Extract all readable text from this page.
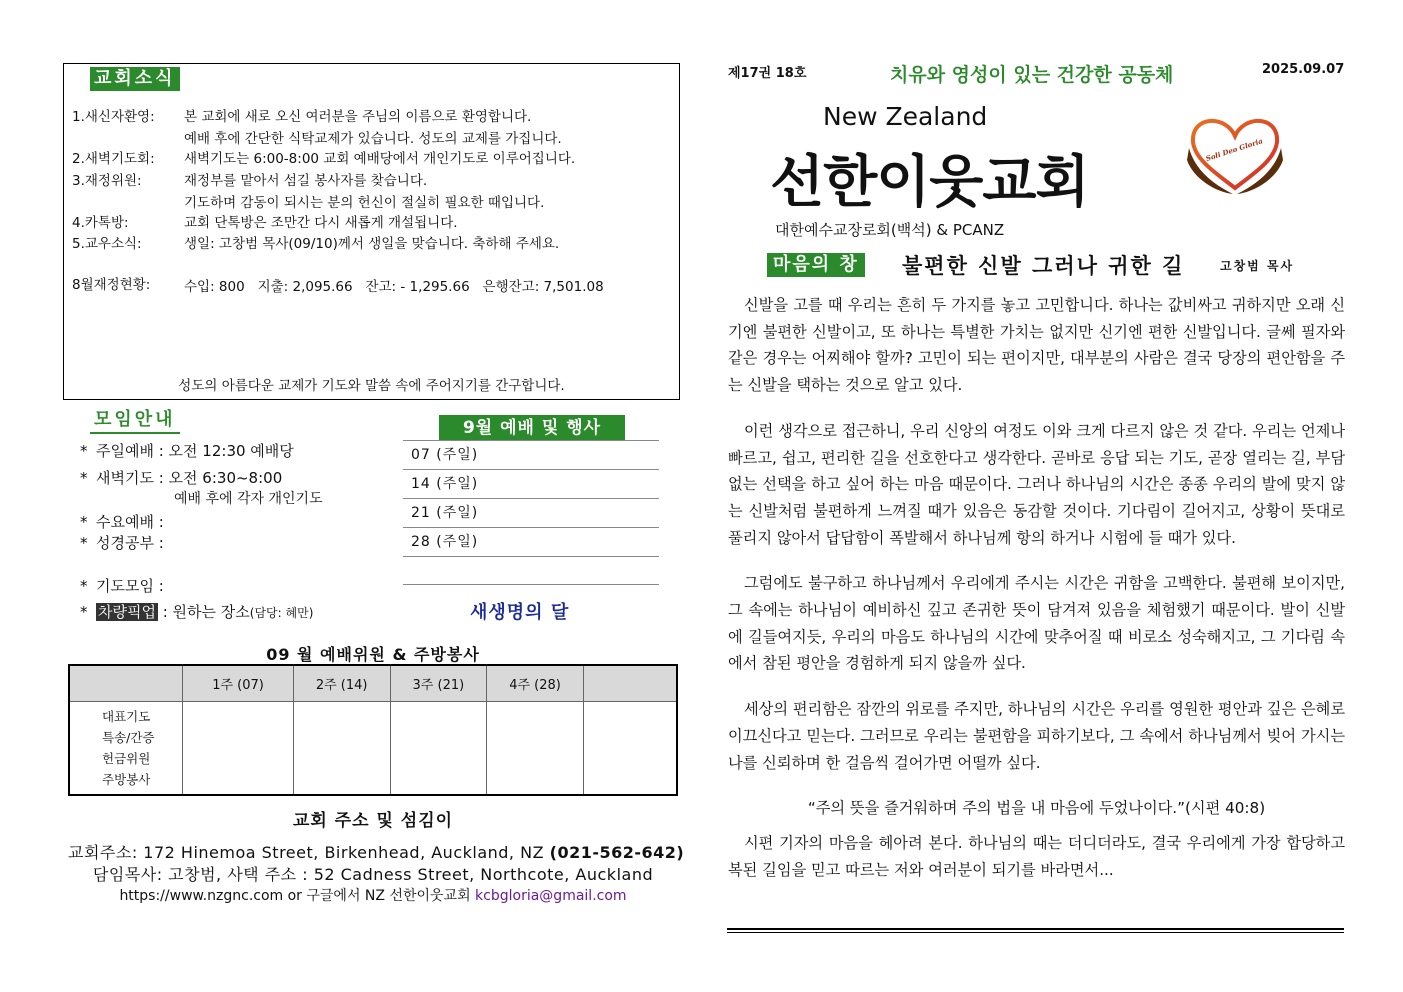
교회소식
1.새신자환영:	본 교회에 새로 오신 여러분을 주님의 이름으로 환영합니다.
예배 후에 간단한 식탁교제가 있습니다. 성도의 교제를 가집니다.
2.새벽기도회:	새벽기도는 6:00-8:00 교회 예배당에서 개인기도로 이루어집니다.
3.재정위원:	재정부를 맡아서 섬길 봉사자를 찾습니다.
기도하며 감동이 되시는 분의 헌신이 절실히 필요한 때입니다.
4.카톡방:	교회 단톡방은 조만간 다시 새롭게 개설됩니다.
5.교우소식:	생일: 고창범 목사(09/10)께서 생일을 맞습니다. 축하해 주세요.
8월재정현황:	수입: 800   지출: 2,095.66   잔고: - 1,295.66   은행잔고: 7,501.08
성도의 아름다운 교제가 기도와 말씀 속에 주어지기를 간구합니다.
모임안내
* 주일예배 : 오전 12:30 예배당
* 새벽기도 : 오전 6:30~8:00
예배 후에 각자 개인기도
* 수요예배 :
* 성경공부 :
* 기도모임 :
* 차량픽업 : 원하는 장소(담당: 혜만)
9월 예배 및 행사
07 (주일)
14 (주일)
21 (주일)
28 (주일)
새생명의 달
09 월 예배위원 & 주방봉사
	1주 (07)	2주 (14)	3주 (21)	4주 (28)	

대표기도
특송/간증
헌금위원
주방봉사					

교회 주소 및 섬김이
교회주소: 172 Hinemoa Street, Birkenhead, Auckland, NZ (021-562-642)
담임목사: 고창범, 사택 주소 : 52 Cadness Street, Northcote, Auckland
https://www.nzgnc.com or 구글에서 NZ 선한이웃교회 kcbgloria@gmail.com
제17권 18호	치유와 영성이 있는 건강한 공동체	2025.09.07
New Zealand
선한이웃교회
대한예수교장로회(백석) & PCANZ
Soli Deo Gloria
마음의 창 불편한 신발 그러나 귀한 길	고창범 목사

신발을 고를 때 우리는 흔히 두 가지를 놓고 고민합니다. 하나는 값비싸고 귀하지만 오래 신기엔 불편한 신발이고, 또 하나는 특별한 가치는 없지만 신기엔 편한 신발입니다. 글쎄 필자와 같은 경우는 어찌해야 할까? 고민이 되는 편이지만, 대부분의 사람은 결국 당장의 편안함을 주는 신발을 택하는 것으로 알고 있다.

이런 생각으로 접근하니, 우리 신앙의 여정도 이와 크게 다르지 않은 것 같다. 우리는 언제나 빠르고, 쉽고, 편리한 길을 선호한다고 생각한다. 곧바로 응답 되는 기도, 곧장 열리는 길, 부담 없는 선택을 하고 싶어 하는 마음 때문이다. 그러나 하나님의 시간은 종종 우리의 발에 맞지 않는 신발처럼 불편하게 느껴질 때가 있음은 동감할 것이다. 기다림이 길어지고, 상황이 뜻대로 풀리지 않아서 답답함이 폭발해서 하나님께 항의 하거나 시험에 들 때가 있다.

그럼에도 불구하고 하나님께서 우리에게 주시는 시간은 귀함을 고백한다. 불편해 보이지만, 그 속에는 하나님이 예비하신 깊고 존귀한 뜻이 담겨져 있음을 체험했기 때문이다. 발이 신발에 길들여지듯, 우리의 마음도 하나님의 시간에 맞추어질 때 비로소 성숙해지고, 그 기다림 속에서 참된 평안을 경험하게 되지 않을까 싶다.

세상의 편리함은 잠깐의 위로를 주지만, 하나님의 시간은 우리를 영원한 평안과 깊은 은혜로 이끄신다고 믿는다. 그러므로 우리는 불편함을 피하기보다, 그 속에서 하나님께서 빚어 가시는 나를 신뢰하며 한 걸음씩 걸어가면 어떨까 싶다.

“주의 뜻을 즐거워하며 주의 법을 내 마음에 두었나이다.”(시편 40:8)

시편 기자의 마음을 헤아려 본다. 하나님의 때는 더디더라도, 결국 우리에게 가장 합당하고 복된 길임을 믿고 따르는 저와 여러분이 되기를 바라면서...
